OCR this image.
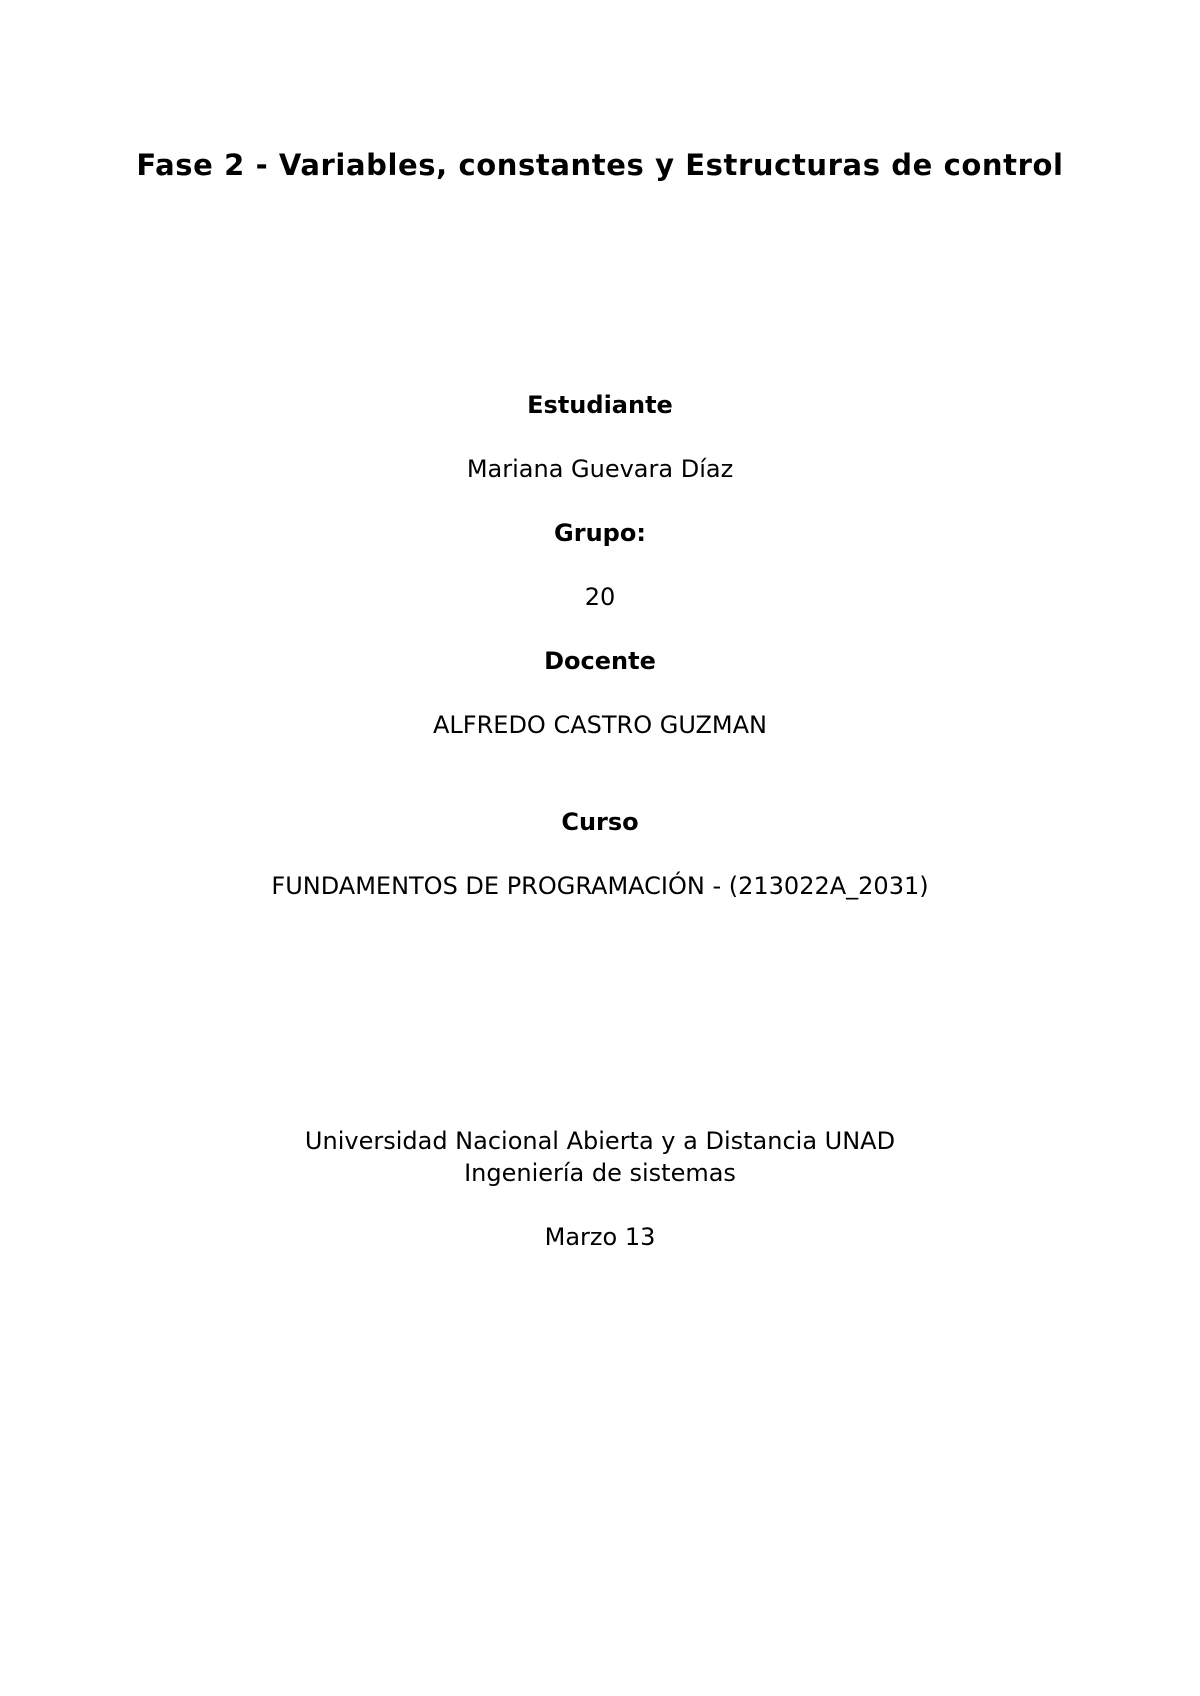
Fase 2 - Variables, constantes y Estructuras de control
Estudiante
Mariana Guevara Díaz
Grupo:
20
Docente
ALFREDO CASTRO GUZMAN
Curso
FUNDAMENTOS DE PROGRAMACIÓN - (213022A_2031)
Universidad Nacional Abierta y a Distancia UNAD
Ingeniería de sistemas
Marzo 13
